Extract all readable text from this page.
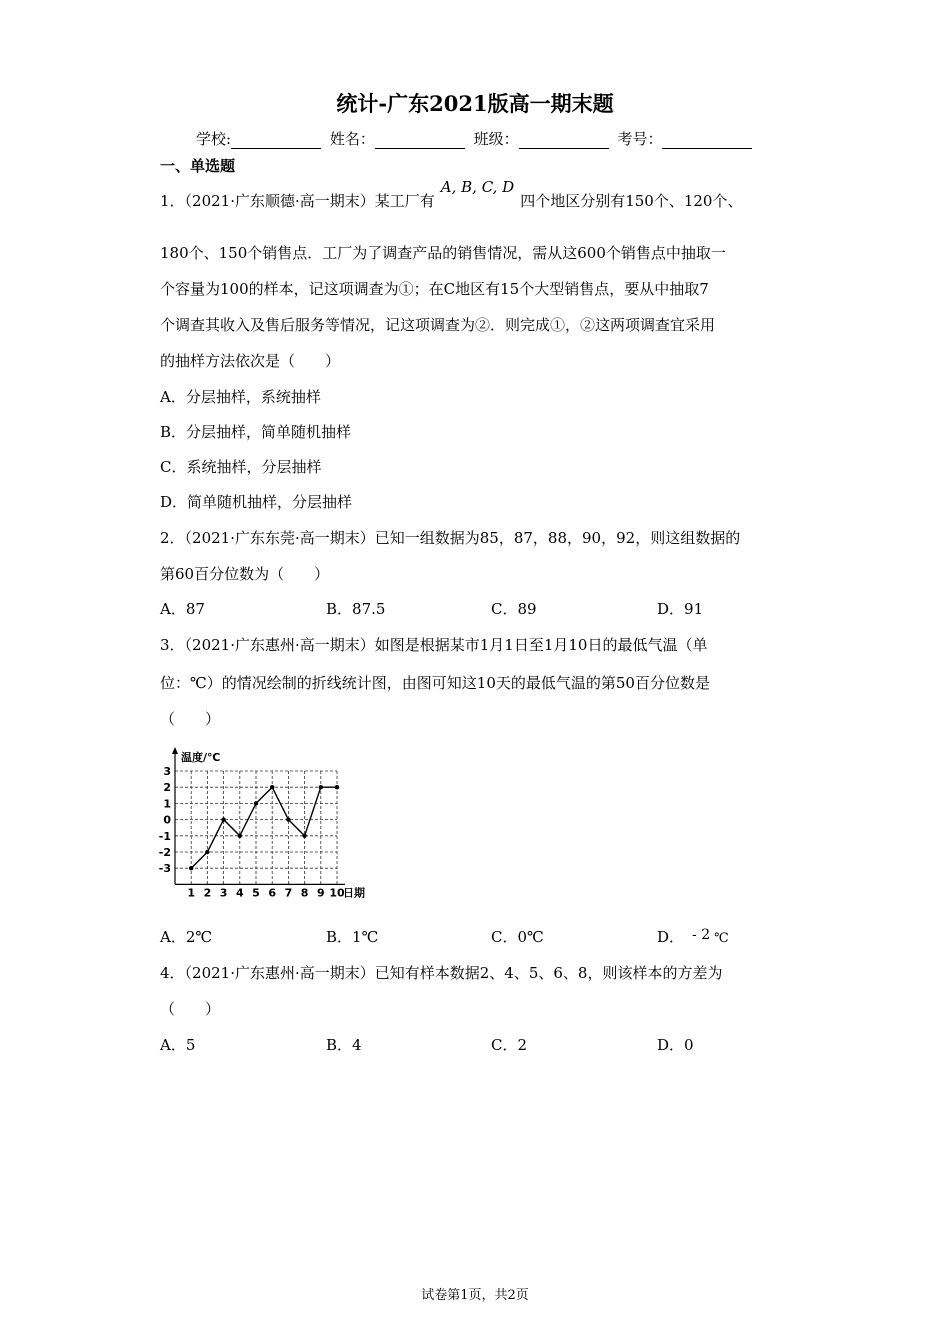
统计-广东2021版高一期末题
学校:	姓名：	班级：	考号：
一、单选题
1．（2021·广东顺德·高一期末）某工厂有A, B, C, D四个地区分别有150个、120个、
180个、150个销售点．工厂为了调查产品的销售情况，需从这600个销售点中抽取一
个容量为100的样本，记这项调查为①；在C地区有15个大型销售点，要从中抽取7
个调查其收入及售后服务等情况，记这项调查为②．则完成①，②这两项调查宜采用
的抽样方法依次是（　　）
A．分层抽样，系统抽样
B．分层抽样，简单随机抽样
C．系统抽样，分层抽样
D．简单随机抽样，分层抽样
2．（2021·广东东莞·高一期末）已知一组数据为85，87，88，90，92，则这组数据的
第60百分位数为（　　）
A．87	B．87.5	C．89	D．91
3．（2021·广东惠州·高一期末）如图是根据某市1月1日至1月10日的最低气温（单
位：℃）的情况绘制的折线统计图，由图可知这10天的最低气温的第50百分位数是
（　　）
温度/℃
日期
3
2
1
0
-1
-2
-3
1 2 3 4 5 6 7 8 9 10
A．2℃	B．1℃	C．0℃	D． - 2 ℃
4．（2021·广东惠州·高一期末）已知有样本数据2、4、5、6、8，则该样本的方差为
（　　）
A．5	B．4	C．2	D．0
试卷第1页，共2页
